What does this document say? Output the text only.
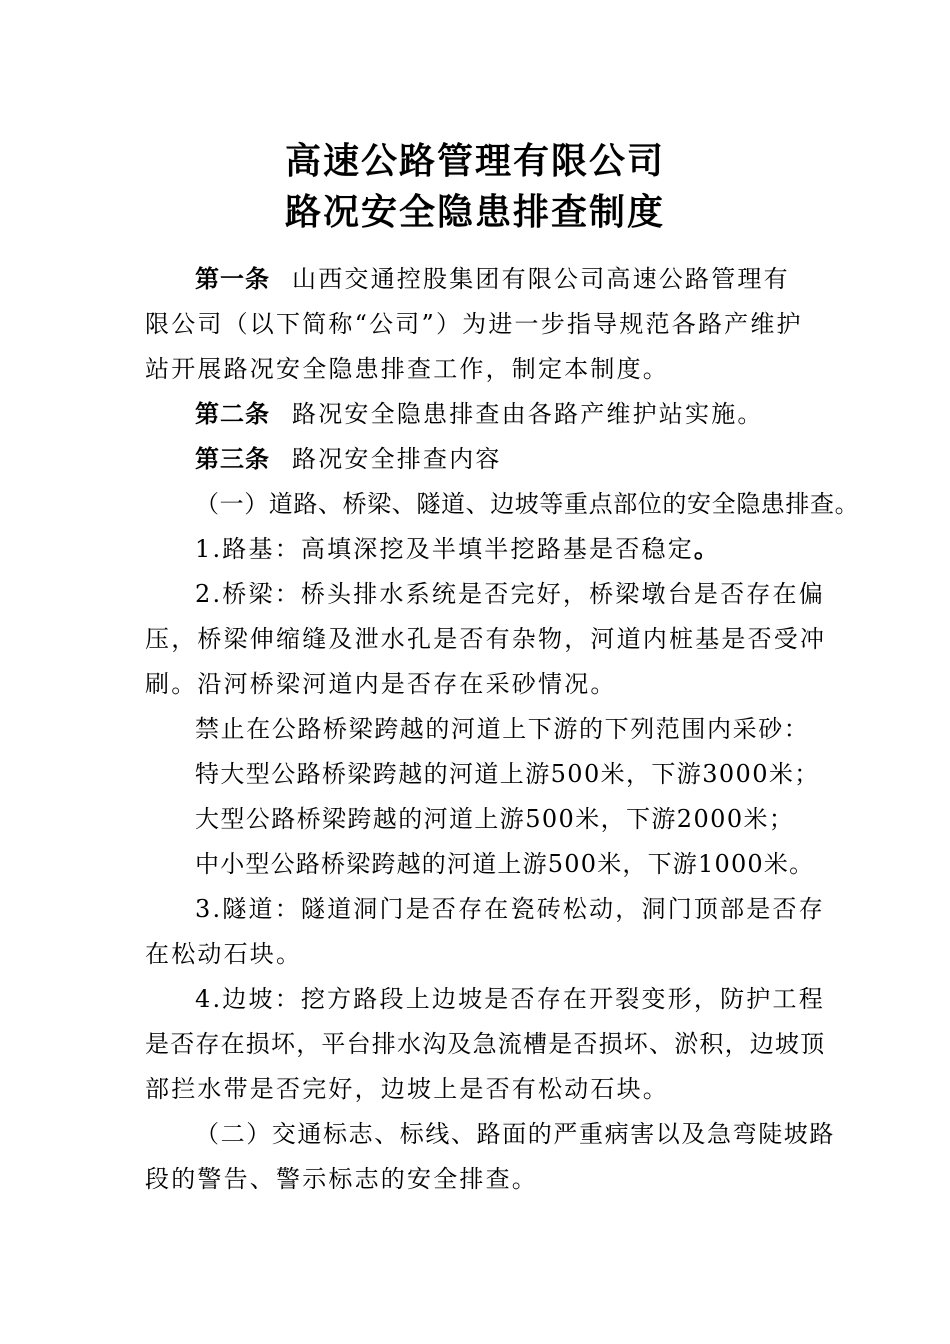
高速公路管理有限公司
路况安全隐患排查制度
第一条 山西交通控股集团有限公司高速公路管理有
限公司（以下简称“公司”）为进一步指导规范各路产维护
站开展路况安全隐患排查工作，制定本制度。
第二条 路况安全隐患排查由各路产维护站实施。
第三条 路况安全排查内容
（一）道路、桥梁、隧道、边坡等重点部位的安全隐患排查。
1.路基：高填深挖及半填半挖路基是否稳定。
2.桥梁：桥头排水系统是否完好，桥梁墩台是否存在偏
压，桥梁伸缩缝及泄水孔是否有杂物，河道内桩基是否受冲
刷。沿河桥梁河道内是否存在采砂情况。
禁止在公路桥梁跨越的河道上下游的下列范围内采砂：
特大型公路桥梁跨越的河道上游500米，下游3000米；
大型公路桥梁跨越的河道上游500米，下游2000米；
中小型公路桥梁跨越的河道上游500米，下游1000米。
3.隧道：隧道洞门是否存在瓷砖松动，洞门顶部是否存
在松动石块。
4.边坡：挖方路段上边坡是否存在开裂变形，防护工程
是否存在损坏，平台排水沟及急流槽是否损坏、淤积，边坡顶
部拦水带是否完好，边坡上是否有松动石块。
（二）交通标志、标线、路面的严重病害以及急弯陡坡路
段的警告、警示标志的安全排查。
